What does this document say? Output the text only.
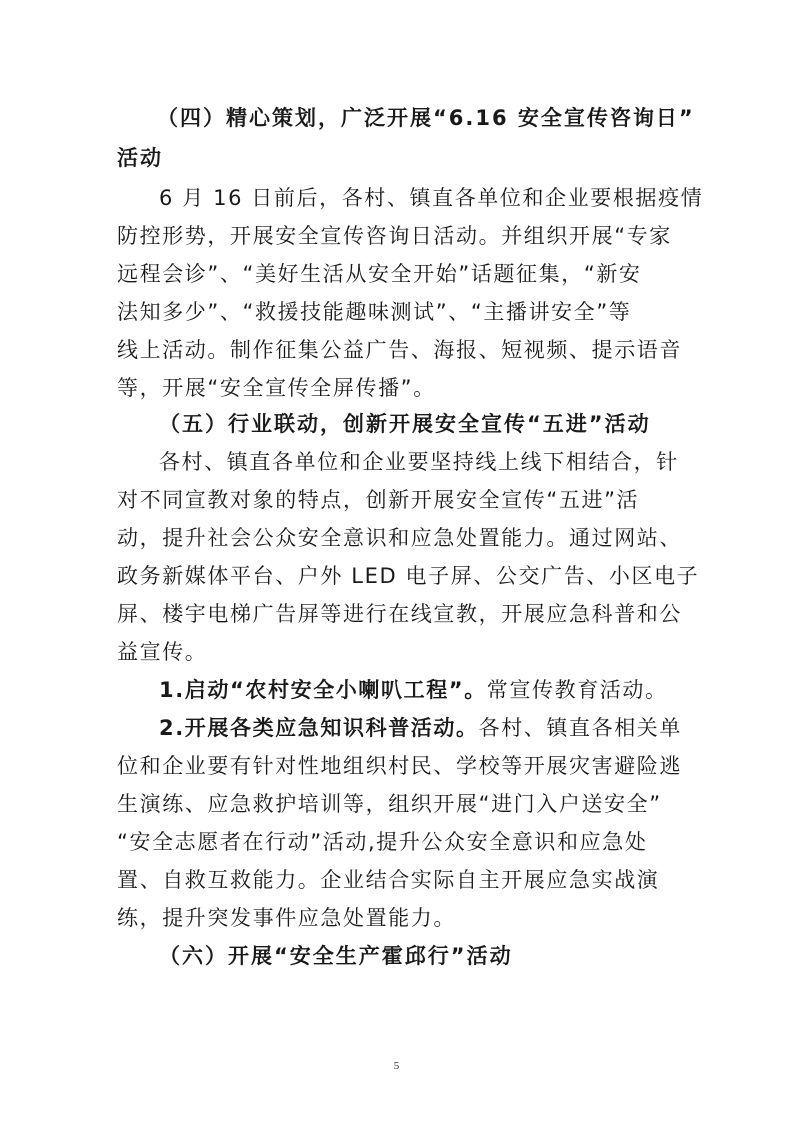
（四）精心策划，广泛开展“6.16 安全宣传咨询日”

活动

6 月 16 日前后，各村、镇直各单位和企业要根据疫情

防控形势，开展安全宣传咨询日活动。并组织开展“专家

远程会诊”、“美好生活从安全开始”话题征集，“新安

法知多少”、“救援技能趣味测试”、“主播讲安全”等

线上活动。制作征集公益广告、海报、短视频、提示语音

等，开展“安全宣传全屏传播”。

（五）行业联动，创新开展安全宣传“五进”活动

各村、镇直各单位和企业要坚持线上线下相结合，针

对不同宣教对象的特点，创新开展安全宣传“五进”活

动，提升社会公众安全意识和应急处置能力。通过网站、

政务新媒体平台、户外 LED 电子屏、公交广告、小区电子

屏、楼宇电梯广告屏等进行在线宣教，开展应急科普和公

益宣传。

1.启动“农村安全小喇叭工程”。常宣传教育活动。

2.开展各类应急知识科普活动。各村、镇直各相关单

位和企业要有针对性地组织村民、学校等开展灾害避险逃

生演练、应急救护培训等，组织开展“进门入户送安全”

“安全志愿者在行动”活动,提升公众安全意识和应急处

置、自救互救能力。企业结合实际自主开展应急实战演

练，提升突发事件应急处置能力。

（六）开展“安全生产霍邱行”活动

5
